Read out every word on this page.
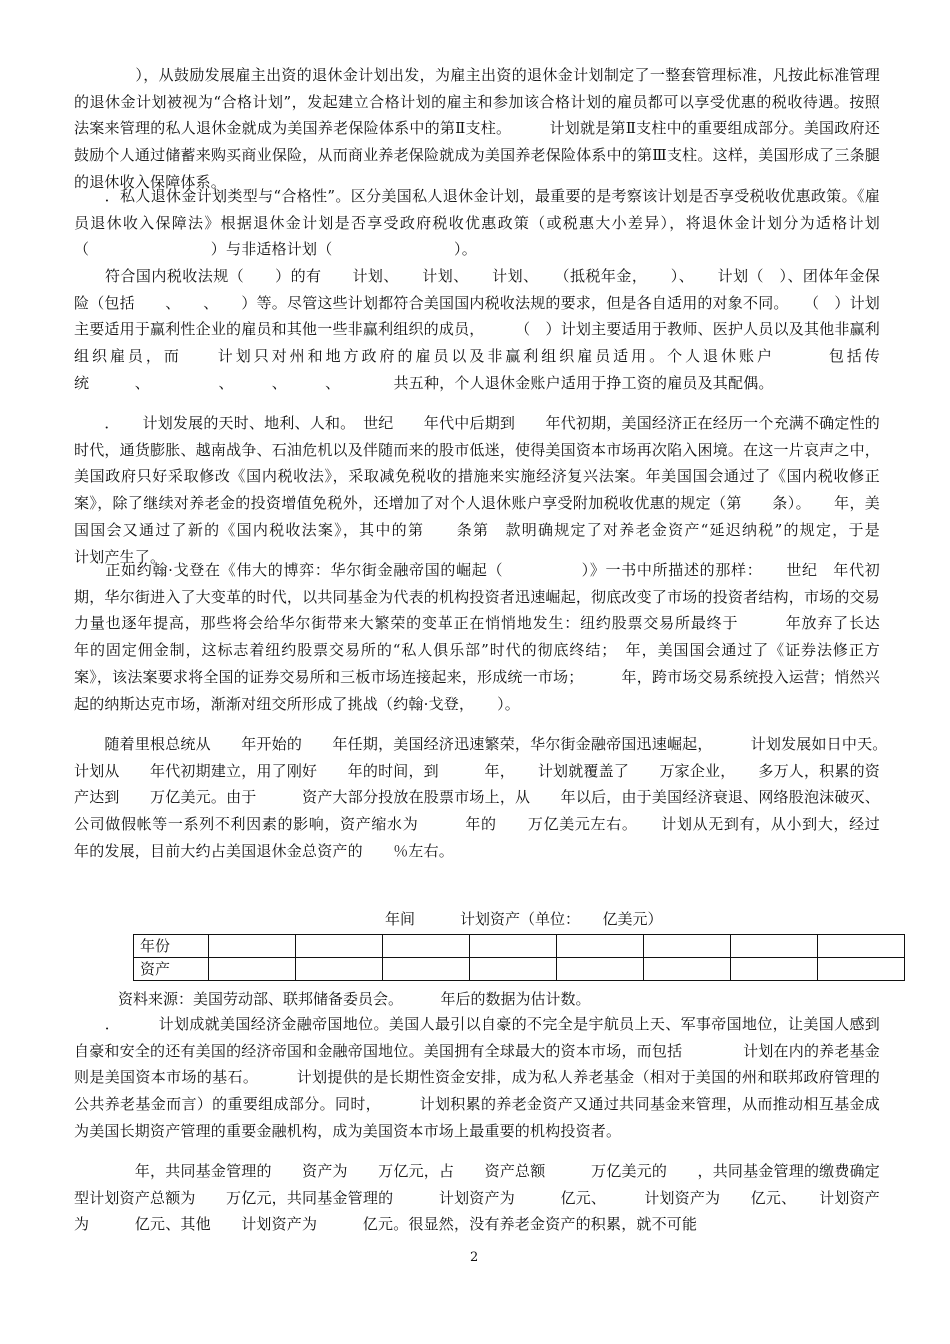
　　　　），从鼓励发展雇主出资的退休金计划出发，为雇主出资的退休金计划制定了一整套管理标准，凡按此标准管理的退休金计划被视为“合格计划”，发起建立合格计划的雇主和参加该合格计划的雇员都可以享受优惠的税收待遇。按照　　　法案来管理的私人退休金就成为美国养老保险体系中的第Ⅱ支柱。　　　计划就是第Ⅱ支柱中的重要组成部分。美国政府还鼓励个人通过储蓄来购买商业保险，从而商业养老保险就成为美国养老保险体系中的第Ⅲ支柱。这样，美国形成了三条腿的退休收入保障体系。

　　．私人退休金计划类型与“合格性”。区分美国私人退休金计划，最重要的是考察该计划是否享受税收优惠政策。《雇员退休收入保障法》根据退休金计划是否享受政府税收优惠政策（或税惠大小差异），将退休金计划分为适格计划（　　　　　　　　）与非适格计划（　　　　　　　　）。

　　符合国内税收法规（　　）的有　　计划、　　计划、　　计划、　　（抵税年金，　　）、　　计划（　）、团体年金保险（包括　　、　　、　　）等。尽管这些计划都符合美国国内税收法规的要求，但是各自适用的对象不同。　　（　）计划主要适用于赢利性企业的雇员和其他一些非赢利组织的成员，　　　（　）计划主要适用于教师、医护人员以及其他非赢利组织雇员，而　　计划只对州和地方政府的雇员以及非赢利组织雇员适用。个人退休账户　　　包括传统　　　、　　　　　、　　　、　　　、　　　　共五种，个人退休金账户适用于挣工资的雇员及其配偶。

　　．　　计划发展的天时、地利、人和。　世纪　　年代中后期到　　年代初期，美国经济正在经历一个充满不确定性的时代，通货膨胀、越南战争、石油危机以及伴随而来的股市低迷，使得美国资本市场再次陷入困境。在这一片哀声之中，美国政府只好采取修改《国内税收法》，采取减免税收的措施来实施经济复兴法案。年美国国会通过了《国内税收修正案》，除了继续对养老金的投资增值免税外，还增加了对个人退休账户享受附加税收优惠的规定（第　　条）。　　年，美国国会又通过了新的《国内税收法案》，其中的第　　条第　款明确规定了对养老金资产“延迟纳税”的规定，于是　　　计划产生了。

　　正如约翰·戈登在《伟大的博弈：华尔街金融帝国的崛起（　　　　　）》一书中所描述的那样：　　世纪　年代初期，华尔街进入了大变革的时代，以共同基金为代表的机构投资者迅速崛起，彻底改变了市场的投资者结构，市场的交易力量也逐年提高，那些将会给华尔街带来大繁荣的变革正在悄悄地发生：纽约股票交易所最终于　　　年放弃了长达　　　年的固定佣金制，这标志着纽约股票交易所的“私人俱乐部”时代的彻底终结；　年，美国国会通过了《证券法修正方案》，该法案要求将全国的证券交易所和三板市场连接起来，形成统一市场；　　　年，跨市场交易系统投入运营；悄然兴起的纳斯达克市场，渐渐对纽交所形成了挑战（约翰·戈登，　　）。

　　随着里根总统从　　年开始的　　年任期，美国经济迅速繁荣，华尔街金融帝国迅速崛起，　　　计划发展如日中天。　　计划从　　年代初期建立，用了刚好　　年的时间，到　　　年，　　计划就覆盖了　　万家企业，　　多万人，积累的资产达到　　万亿美元。由于　　　资产大部分投放在股票市场上，从　　年以后，由于美国经济衰退、网络股泡沫破灭、公司做假帐等一系列不利因素的影响，资产缩水为　　　年的　　万亿美元左右。　　计划从无到有，从小到大，经过　　年的发展，目前大约占美国退休金总资产的　　％左右。

年间　　　计划资产（单位：　　亿美元）

年份								
资产								

资料来源：美国劳动部、联邦储备委员会。　　　年后的数据为估计数。

　　．　　　计划成就美国经济金融帝国地位。美国人最引以自豪的不完全是宇航员上天、军事帝国地位，让美国人感到自豪和安全的还有美国的经济帝国和金融帝国地位。美国拥有全球最大的资本市场，而包括　　　　计划在内的养老基金则是美国资本市场的基石。　　　计划提供的是长期性资金安排，成为私人养老基金（相对于美国的州和联邦政府管理的公共养老基金而言）的重要组成部分。同时，　　　计划积累的养老金资产又通过共同基金来管理，从而推动相互基金成为美国长期资产管理的重要金融机构，成为美国资本市场上最重要的机构投资者。

　　　　年，共同基金管理的　　资产为　　万亿元，占　　资产总额　　　万亿美元的　　，共同基金管理的缴费确定型计划资产总额为　　万亿元，共同基金管理的　　　计划资产为　　　亿元、　　　计划资产为　　亿元、　　计划资产为　　　亿元、其他　　计划资产为　　　亿元。很显然，没有养老金资产的积累，就不可能

2
